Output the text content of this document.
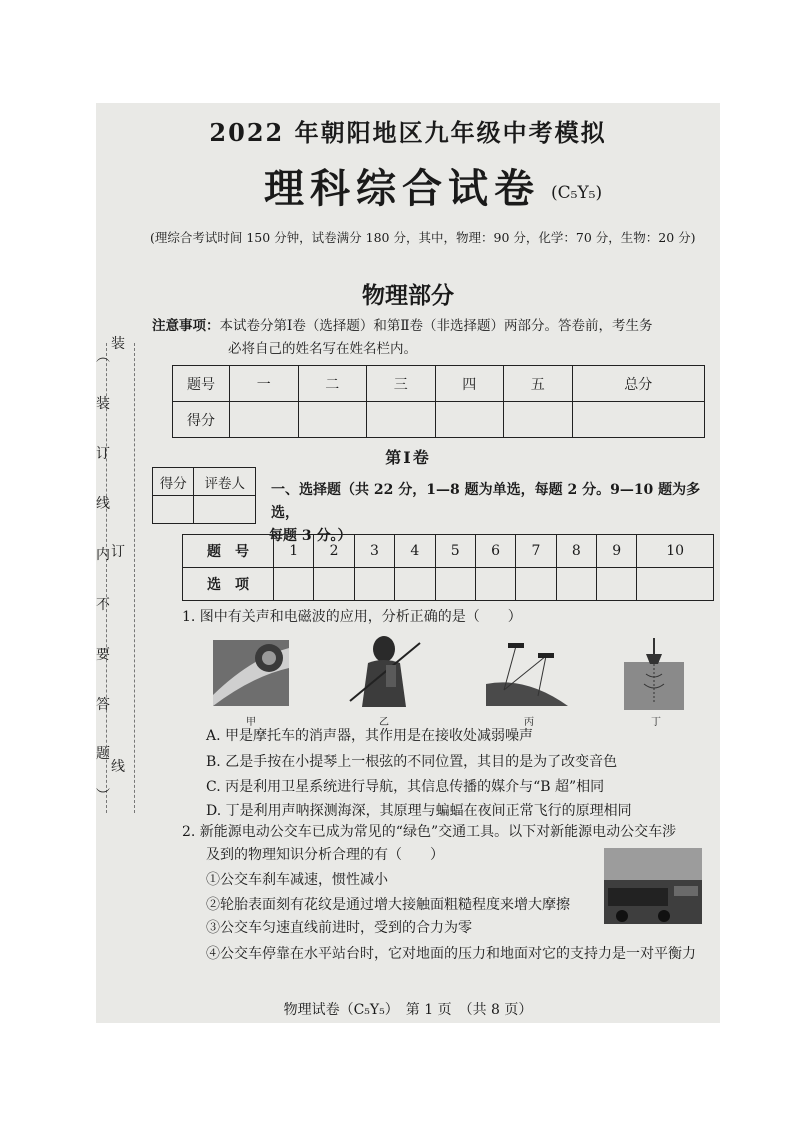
︵
装
订
线
内
不
要
答
题
︶
装
订
线
2022 年朝阳地区九年级中考模拟
理科综合试卷 (C₅Y₅)
(理综合考试时间 150 分钟，试卷满分 180 分，其中，物理：90 分，化学：70 分，生物：20 分)
物理部分
注意事项：本试卷分第Ⅰ卷（选择题）和第Ⅱ卷（非选择题）两部分。答卷前，考生务
必将自己的姓名写在姓名栏内。
题号	一	二	三	四	五	总分
得分						
第Ⅰ卷
得分	评卷人
	一、选择题（共 22 分，1—8 题为单选，每题 2 分。9—10 题为多选，
每题 3 分。）
题　号	1	2	3	4	5	6	7	8	9	10
选　项										
1. 图中有关声和电磁波的应用，分析正确的是（　　）
甲	乙	丙	丁
A. 甲是摩托车的消声器，其作用是在接收处减弱噪声
B. 乙是手按在小提琴上一根弦的不同位置，其目的是为了改变音色
C. 丙是利用卫星系统进行导航，其信息传播的媒介与“B 超”相同
D. 丁是利用声呐探测海深，其原理与蝙蝠在夜间正常飞行的原理相同
2. 新能源电动公交车已成为常见的“绿色”交通工具。以下对新能源电动公交车涉
及到的物理知识分析合理的有（　　）
①公交车刹车减速，惯性减小
②轮胎表面刻有花纹是通过增大接触面粗糙程度来增大摩擦
③公交车匀速直线前进时，受到的合力为零
④公交车停靠在水平站台时，它对地面的压力和地面对它的支持力是一对平衡力
物理试卷（C₅Y₅）　第 1 页　（共 8 页）
